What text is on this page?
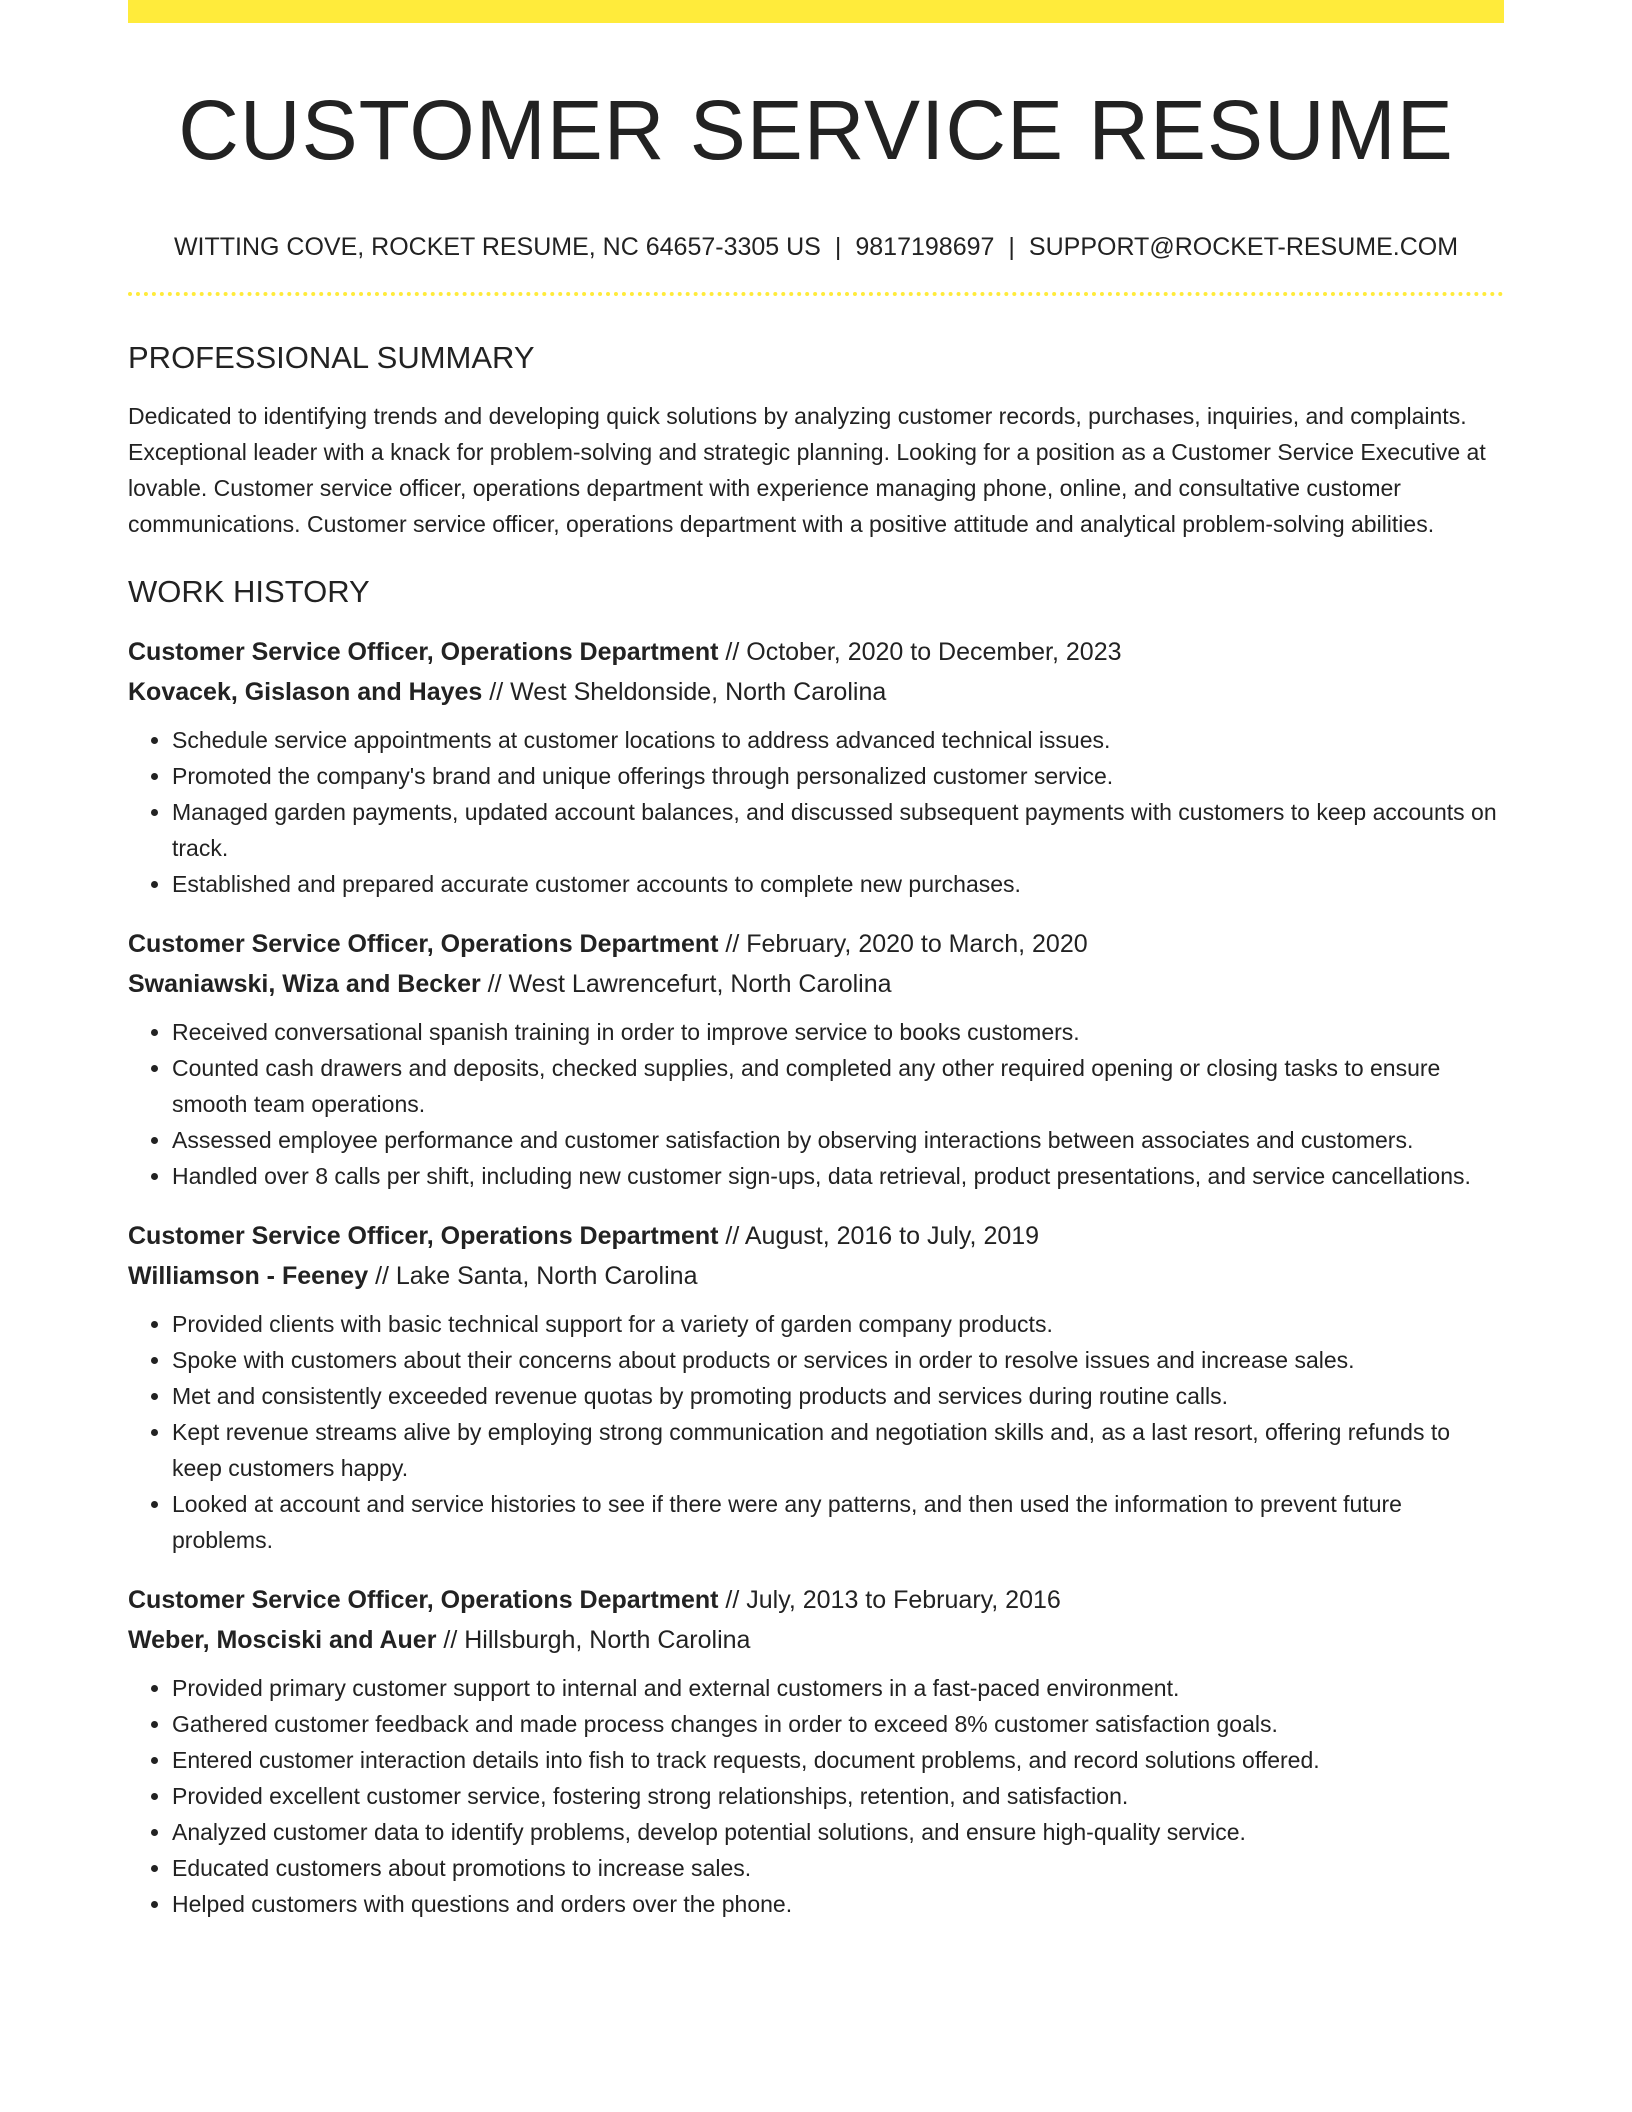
CUSTOMER SERVICE RESUME
WITTING COVE, ROCKET RESUME, NC 64657-3305 US | 9817198697 | SUPPORT@ROCKET-RESUME.COM
PROFESSIONAL SUMMARY

Dedicated to identifying trends and developing quick solutions by analyzing customer records, purchases, inquiries, and complaints. Exceptional leader with a knack for problem-solving and strategic planning. Looking for a position as a Customer Service Executive at lovable. Customer service officer, operations department with experience managing phone, online, and consultative customer communications. Customer service officer, operations department with a positive attitude and analytical problem-solving abilities.

WORK HISTORY
Customer Service Officer, Operations Department // October, 2020 to December, 2023
Kovacek, Gislason and Hayes // West Sheldonside, North Carolina
• Schedule service appointments at customer locations to address advanced technical issues.
• Promoted the company's brand and unique offerings through personalized customer service.
• Managed garden payments, updated account balances, and discussed subsequent payments with customers to keep accounts on track.
• Established and prepared accurate customer accounts to complete new purchases.
Customer Service Officer, Operations Department // February, 2020 to March, 2020
Swaniawski, Wiza and Becker // West Lawrencefurt, North Carolina
• Received conversational spanish training in order to improve service to books customers.
• Counted cash drawers and deposits, checked supplies, and completed any other required opening or closing tasks to ensure smooth team operations.
• Assessed employee performance and customer satisfaction by observing interactions between associates and customers.
• Handled over 8 calls per shift, including new customer sign-ups, data retrieval, product presentations, and service cancellations.
Customer Service Officer, Operations Department // August, 2016 to July, 2019
Williamson - Feeney // Lake Santa, North Carolina
• Provided clients with basic technical support for a variety of garden company products.
• Spoke with customers about their concerns about products or services in order to resolve issues and increase sales.
• Met and consistently exceeded revenue quotas by promoting products and services during routine calls.
• Kept revenue streams alive by employing strong communication and negotiation skills and, as a last resort, offering refunds to keep customers happy.
• Looked at account and service histories to see if there were any patterns, and then used the information to prevent future problems.
Customer Service Officer, Operations Department // July, 2013 to February, 2016
Weber, Mosciski and Auer // Hillsburgh, North Carolina
• Provided primary customer support to internal and external customers in a fast-paced environment.
• Gathered customer feedback and made process changes in order to exceed 8% customer satisfaction goals.
• Entered customer interaction details into fish to track requests, document problems, and record solutions offered.
• Provided excellent customer service, fostering strong relationships, retention, and satisfaction.
• Analyzed customer data to identify problems, develop potential solutions, and ensure high-quality service.
• Educated customers about promotions to increase sales.
• Helped customers with questions and orders over the phone.
